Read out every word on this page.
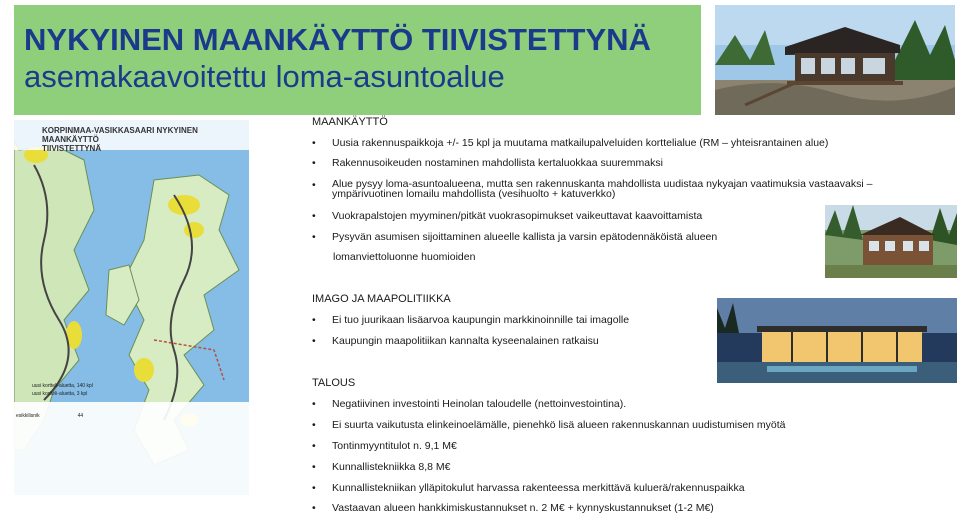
NYKYINEN MAANKÄYTTÖ TIIVISTETTYNÄ
asemakaavoitettu loma-asuntoalue
KORPINMAA-VASIKKASAARI NYKYINEN MAANKÄYTTÖ
TIIVISTETTYNÄ
uusi kortteli-aluetta, 140 kpl
uusi kortteli-aluetta, 3 kpl
esikkilisnik	44
MAANKÄYTTÖ
Uusia rakennuspaikkoja +/- 15 kpl ja muutama matkailupalveluiden korttelialue (RM – yhteisrantainen alue)
Rakennusoikeuden nostaminen mahdollista kertaluokkaa suuremmaksi
Alue pysyy loma-asuntoalueena, mutta sen rakennuskanta mahdollista uudistaa nykyajan vaatimuksia vastaavaksi – ympärivuotinen lomailu mahdollista (vesihuolto + katuverkko)
Vuokrapalstojen myyminen/pitkät vuokrasopimukset vaikeuttavat kaavoittamista
Pysyvän asumisen sijoittaminen alueelle kallista ja varsin epätodennäköistä alueen
lomanviettoluonne huomioiden
IMAGO JA MAAPOLITIIKKA
Ei tuo juurikaan lisäarvoa kaupungin markkinoinnille tai imagolle
Kaupungin maapolitiikan kannalta kyseenalainen ratkaisu
TALOUS
Negatiivinen investointi Heinolan taloudelle (nettoinvestointina).
Ei suurta vaikutusta elinkeinoelämälle, pienehkö lisä alueen rakennuskannan uudistumisen myötä
Tontinmyyntitulot n. 9,1 M€
Kunnallistekniikka 8,8 M€
Kunnallistekniikan ylläpitokulut harvassa rakenteessa merkittävä kuluerä/rakennuspaikka
Vastaavan alueen hankkimiskustannukset n. 2 M€ + kynnyskustannukset (1-2 M€)
